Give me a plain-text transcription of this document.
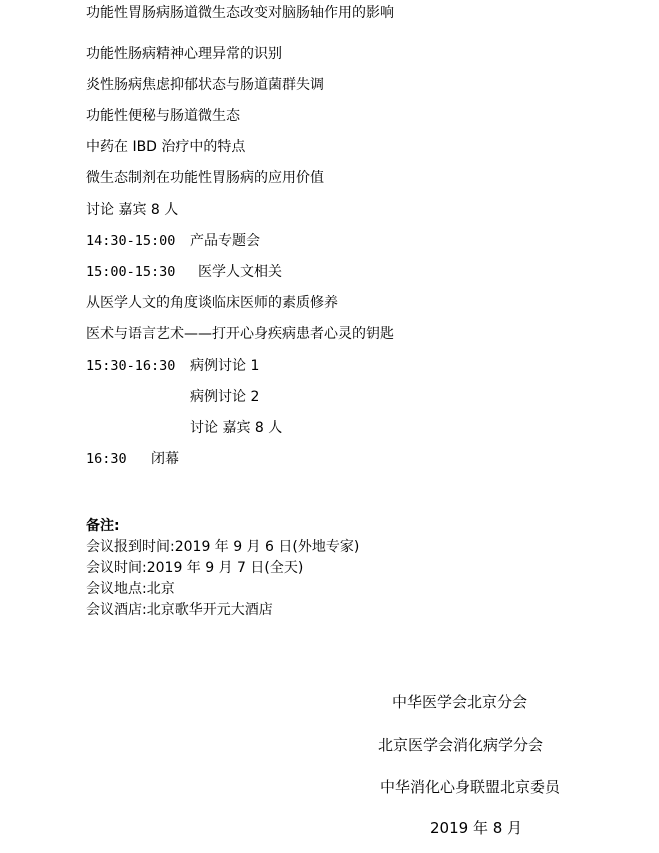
功能性胃肠病肠道微生态改变对脑肠轴作用的影响
功能性肠病精神心理异常的识别
炎性肠病焦虑抑郁状态与肠道菌群失调
功能性便秘与肠道微生态
中药在 IBD 治疗中的特点
微生态制剂在功能性胃肠病的应用价值
讨论 嘉宾 8 人
14:30-15:00 产品专题会
15:00-15:30 医学人文相关
从医学人文的角度谈临床医师的素质修养
医术与语言艺术——打开心身疾病患者心灵的钥匙
15:30-16:30 病例讨论 1
病例讨论 2
讨论 嘉宾 8 人
16:30 闭幕
备注:
会议报到时间:2019 年 9 月 6 日(外地专家)
会议时间:2019 年 9 月 7 日(全天)
会议地点:北京
会议酒店:北京歌华开元大酒店
中华医学会北京分会
北京医学会消化病学分会
中华消化心身联盟北京委员
2019 年 8 月
